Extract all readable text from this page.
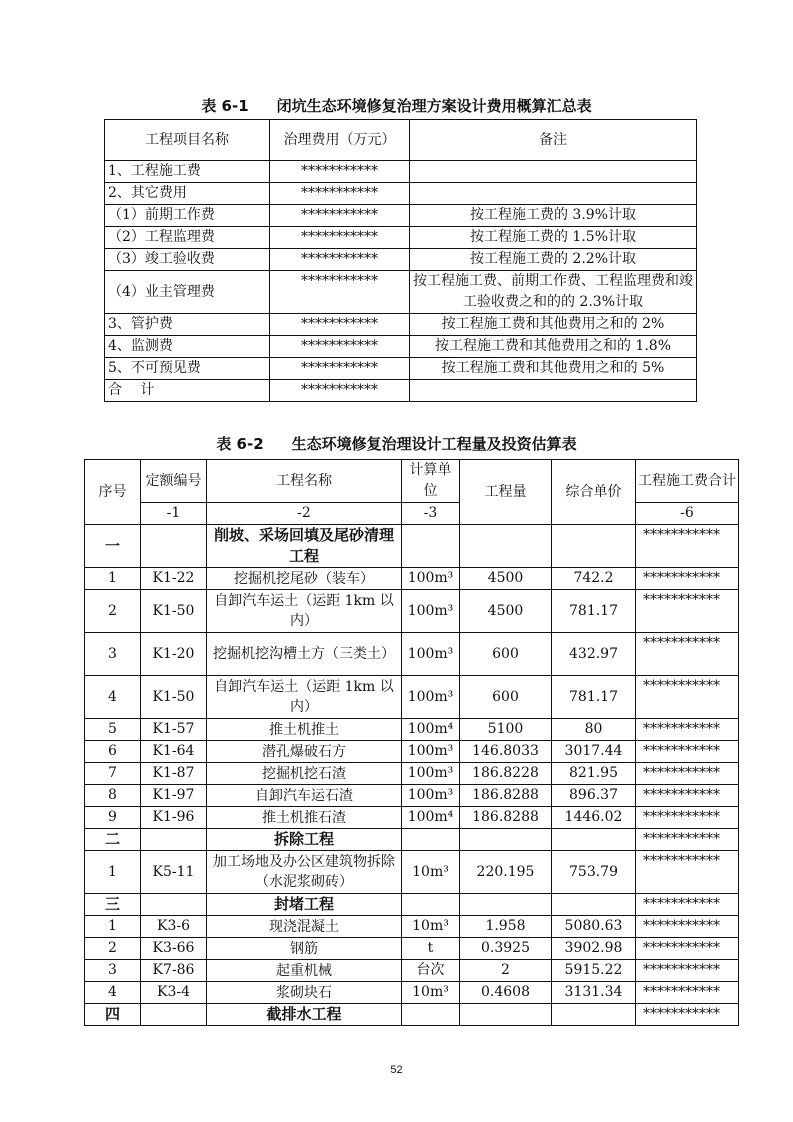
表 6-1 闭坑生态环境修复治理方案设计费用概算汇总表
工程项目名称	治理费用（万元）	备注
1、工程施工费	***********	
2、其它费用	***********	
（1）前期工作费	***********	按工程施工费的 3.9%计取
（2）工程监理费	***********	按工程施工费的 1.5%计取
（3）竣工验收费	***********	按工程施工费的 2.2%计取
（4）业主管理费	***********	按工程施工费、前期工作费、工程监理费和竣工验收费之和的的 2.3%计取
3、管护费	***********	按工程施工费和其他费用之和的 2%
4、监测费	***********	按工程施工费和其他费用之和的 1.8%
5、不可预见费	***********	按工程施工费和其他费用之和的 5%
合　 计	***********	
表 6-2 生态环境修复治理设计工程量及投资估算表
序号	定额编号	工程名称	计算单位	工程量	综合单价	工程施工费合计
	-1	-2	-3			-6
一		削坡、采场回填及尾砂清理工程				***********
1	K1-22	挖掘机挖尾砂（装车）	100m³	4500	742.2	***********
2	K1-50	自卸汽车运土（运距 1km 以内）	100m³	4500	781.17	***********
3	K1-20	挖掘机挖沟槽土方（三类土）	100m³	600	432.97	***********
4	K1-50	自卸汽车运土（运距 1km 以内）	100m³	600	781.17	***********
5	K1-57	推土机推土	100m⁴	5100	80	***********
6	K1-64	潜孔爆破石方	100m³	146.8033	3017.44	***********
7	K1-87	挖掘机挖石渣	100m³	186.8228	821.95	***********
8	K1-97	自卸汽车运石渣	100m³	186.8288	896.37	***********
9	K1-96	推土机推石渣	100m⁴	186.8288	1446.02	***********
二		拆除工程				***********
1	K5-11	加工场地及办公区建筑物拆除（水泥浆砌砖）	10m³	220.195	753.79	***********
三		封堵工程				***********
1	K3-6	现浇混凝土	10m³	1.958	5080.63	***********
2	K3-66	钢筋	t	0.3925	3902.98	***********
3	K7-86	起重机械	台次	2	5915.22	***********
4	K3-4	浆砌块石	10m³	0.4608	3131.34	***********
四		截排水工程				***********
52
